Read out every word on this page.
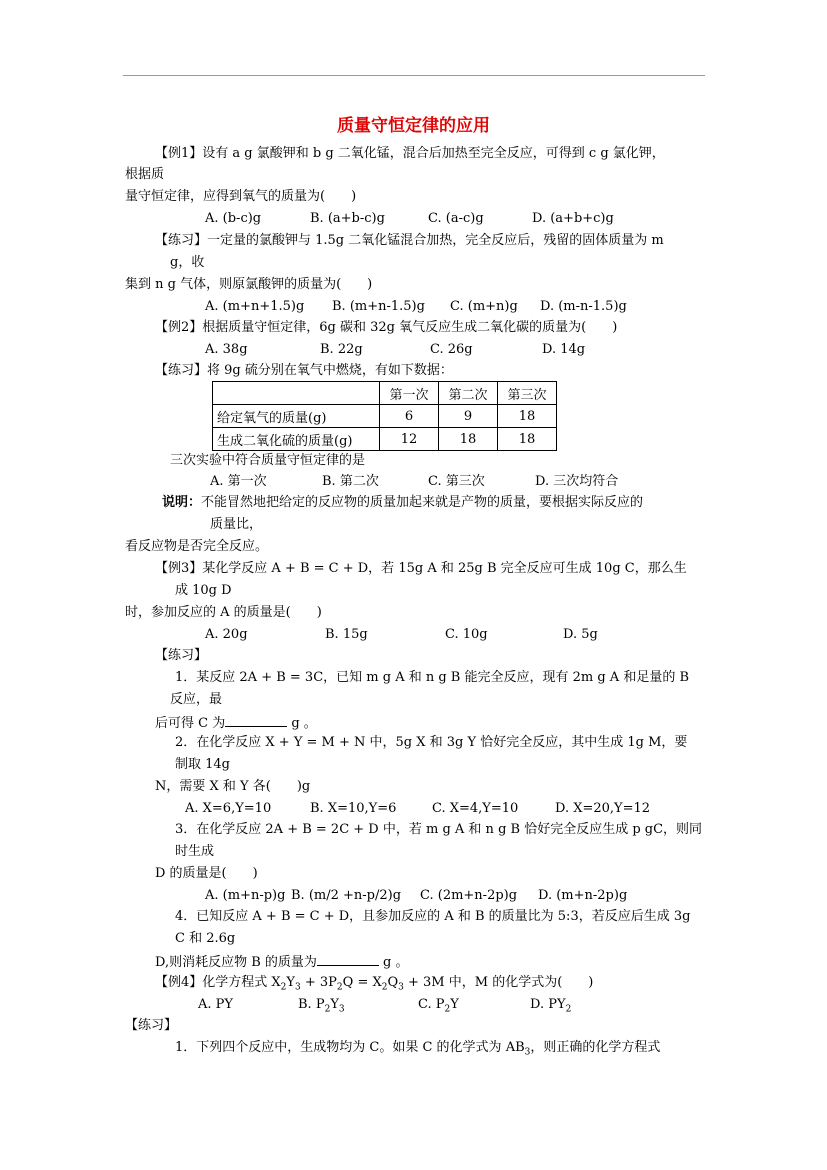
质量守恒定律的应用
【例1】设有 a g 氯酸钾和 b g 二氧化锰，混合后加热至完全反应，可得到 c g 氯化钾，
根据质
量守恒定律，应得到氧气的质量为(　　)
A. (b-c)g	B. (a+b-c)g	C. (a-c)g	D. (a+b+c)g
【练习】一定量的氯酸钾与 1.5g 二氧化锰混合加热，完全反应后，残留的固体质量为 m
g，收
集到 n g 气体，则原氯酸钾的质量为(　　)
A. (m+n+1.5)g B. (m+n-1.5)g C. (m+n)g D. (m-n-1.5)g
【例2】根据质量守恒定律，6g 碳和 32g 氧气反应生成二氧化碳的质量为(　　)
A. 38g	B. 22g	C. 26g	D. 14g
【练习】将 9g 硫分别在氧气中燃烧，有如下数据：
	第一次	第二次	第三次
给定氧气的质量(g)	6	9	18
生成二氧化硫的质量(g)	12	18	18
三次实验中符合质量守恒定律的是
A. 第一次	B. 第二次	C. 第三次	D. 三次均符合
说明：不能冒然地把给定的反应物的质量加起来就是产物的质量，要根据实际反应的
质量比，
看反应物是否完全反应。
【例3】某化学反应 A + B = C + D，若 15g A 和 25g B 完全反应可生成 10g C，那么生
成 10g D
时，参加反应的 A 的质量是(　　)
A. 20g	B. 15g	C. 10g	D. 5g
【练习】
1．某反应 2A + B = 3C，已知 m g A 和 n g B 能完全反应，现有 2m g A 和足量的 B
反应，最
后可得 C 为	g 。
2．在化学反应 X + Y = M + N 中，5g X 和 3g Y 恰好完全反应，其中生成 1g M，要
制取 14g
N，需要 X 和 Y 各(　　)g
A. X=6,Y=10	B. X=10,Y=6	C. X=4,Y=10	D. X=20,Y=12
3．在化学反应 2A + B = 2C + D 中，若 m g A 和 n g B 恰好完全反应生成 p gC，则同
时生成
D 的质量是(　　)
A. (m+n-p)g B. (m/2 +n-p/2)g C. (2m+n-2p)g D. (m+n-2p)g
4．已知反应 A + B = C + D，且参加反应的 A 和 B 的质量比为 5:3，若反应后生成 3g
C 和 2.6g
D,则消耗反应物 B 的质量为	g 。
【例4】化学方程式 $X_2Y_3 + 3P_2Q = X_2Q_3 + 3M$ 中，M 的化学式为(　　)
A. PY	B. $P_2Y_3$	C. $P_2Y$	D. $PY_2$
【练习】
1．下列四个反应中，生成物均为 C。如果 C 的化学式为 $AB_3$，则正确的化学方程式
